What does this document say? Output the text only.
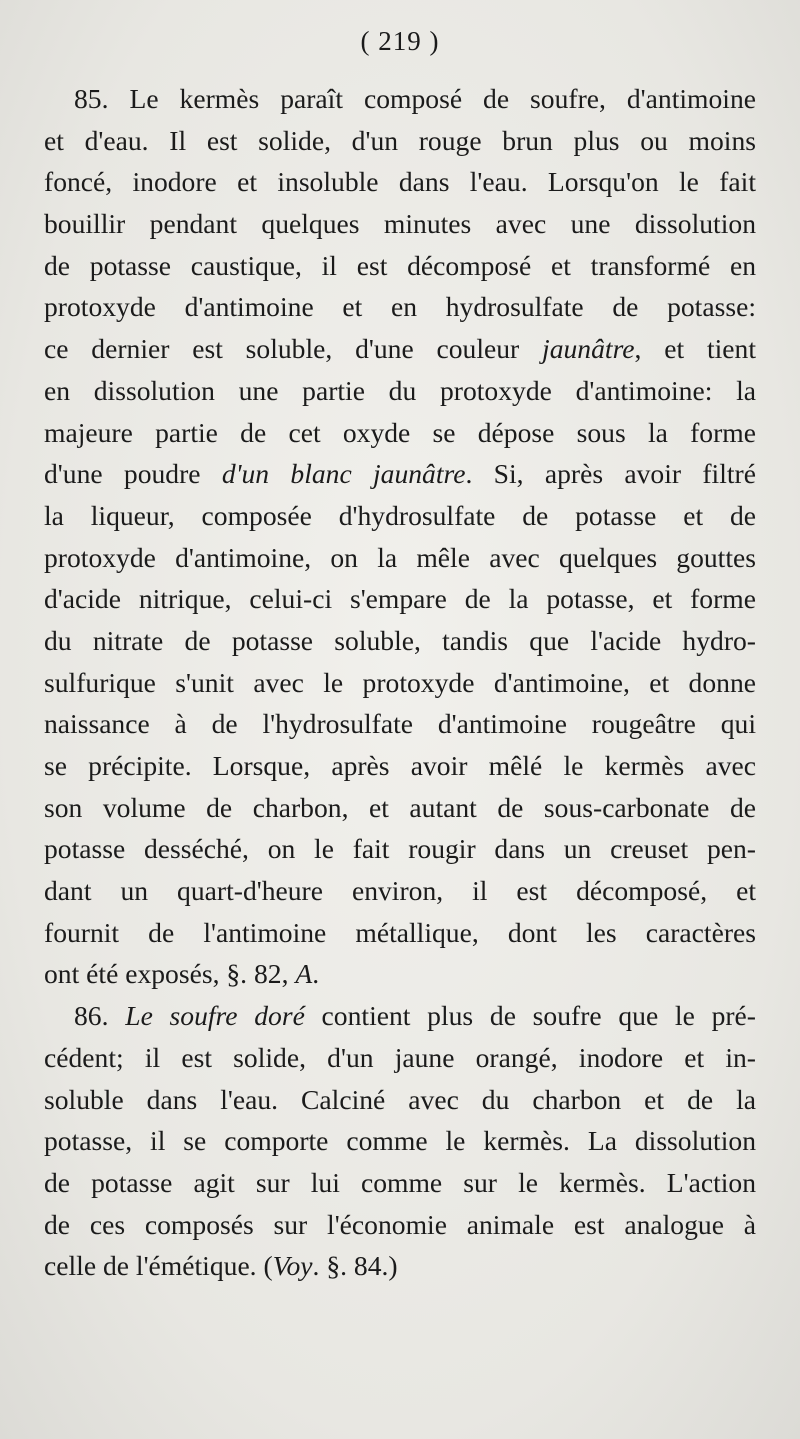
( 219 )
85. Le kermès paraît composé de soufre, d'antimoine
et d'eau. Il est solide, d'un rouge brun plus ou moins
foncé, inodore et insoluble dans l'eau. Lorsqu'on le fait
bouillir pendant quelques minutes avec une dissolution
de potasse caustique, il est décomposé et transformé en
protoxyde d'antimoine et en hydrosulfate de potasse:
ce dernier est soluble, d'une couleur jaunâtre, et tient
en dissolution une partie du protoxyde d'antimoine: la
majeure partie de cet oxyde se dépose sous la forme
d'une poudre d'un blanc jaunâtre. Si, après avoir filtré
la liqueur, composée d'hydrosulfate de potasse et de
protoxyde d'antimoine, on la mêle avec quelques gouttes
d'acide nitrique, celui-ci s'empare de la potasse, et forme
du nitrate de potasse soluble, tandis que l'acide hydro-
sulfurique s'unit avec le protoxyde d'antimoine, et donne
naissance à de l'hydrosulfate d'antimoine rougeâtre qui
se précipite. Lorsque, après avoir mêlé le kermès avec
son volume de charbon, et autant de sous-carbonate de
potasse desséché, on le fait rougir dans un creuset pen-
dant un quart-d'heure environ, il est décomposé, et
fournit de l'antimoine métallique, dont les caractères
ont été exposés, §. 82, A.
86. Le soufre doré contient plus de soufre que le pré-
cédent; il est solide, d'un jaune orangé, inodore et in-
soluble dans l'eau. Calciné avec du charbon et de la
potasse, il se comporte comme le kermès. La dissolution
de potasse agit sur lui comme sur le kermès. L'action
de ces composés sur l'économie animale est analogue à
celle de l'émétique. (Voy. §. 84.)
